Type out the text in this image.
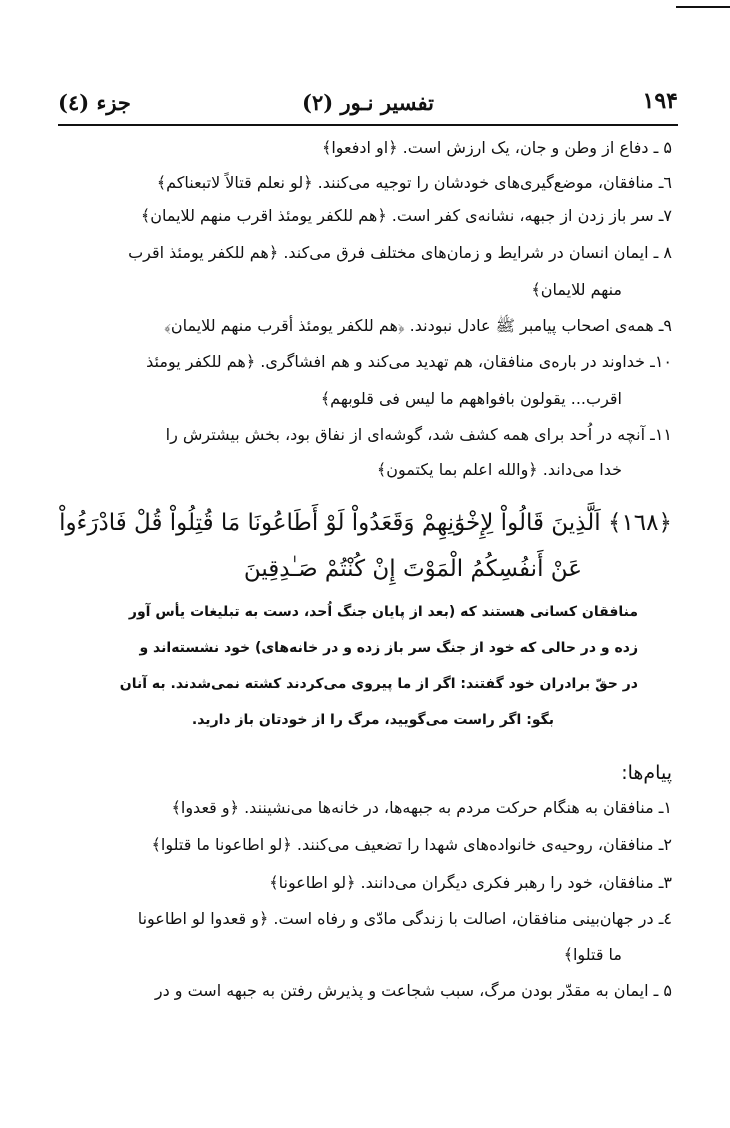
۱۹۴
تفسیر نـور (۲)
جزء (٤)
۵ ـ دفاع از وطن و جان، یک ارزش است. ﴿او ادفعوا﴾
٦ـ منافقان، موضع‌گیری‌های خودشان را توجیه می‌کنند. ﴿لو نعلم قتالاً لاتبعناکم﴾
٧ـ سر باز زدن از جبهه، نشانه‌ی کفر است. ﴿هم للکفر یومئذ اقرب منهم للایمان﴾
٨ ـ ایمان انسان در شرایط و زمان‌های مختلف فرق می‌کند. ﴿هم للکفر یومئذ اقرب
منهم للایمان﴾
٩ـ همه‌ی اصحاب پیامبر ﷺ عادل نبودند. ﴿هم للکفر یومئذ أقرب منهم للایمان﴾
١٠ـ خداوند در باره‌ی منافقان، هم تهدید می‌کند و هم افشاگری. ﴿هم للکفر یومئذ
اقرب... یقولون بافواههم ما لیس فی قلوبهم﴾
١١ـ آنچه در اُحد برای همه کشف شد، گوشه‌ای از نفاق بود، بخش بیشترش را
خدا می‌داند. ﴿والله اعلم بما یکتمون﴾
﴿١٦٨﴾ اَلَّذِینَ قَالُواْ لِإِخْوَٰنِهِمْ وَقَعَدُواْ لَوْ أَطَاعُونَا مَا قُتِلُواْ قُلْ فَادْرَءُواْ
عَنْ أَنفُسِكُمُ الْمَوْتَ إِنْ كُنْتُمْ صَـٰدِقِینَ
منافقان کسانی هستند که (بعد از پایان جنگ اُحد، دست به تبلیغات یأس آور
زده و در حالی که خود از جنگ سر باز زده و در خانه‌های) خود نشسته‌اند و
در حقّ برادران خود گفتند: اگر از ما پیروی می‌کردند کشته نمی‌شدند. به آنان
بگو: اگر راست می‌گویید، مرگ را از خودتان باز دارید.
پیام‌ها:
١ـ منافقان به هنگام حرکت مردم به جبهه‌ها، در خانه‌ها می‌نشینند. ﴿و قعدوا﴾
٢ـ منافقان، روحیه‌ی خانواده‌های شهدا را تضعیف می‌کنند. ﴿لو اطاعونا ما قتلوا﴾
٣ـ منافقان، خود را رهبر فکری دیگران می‌دانند. ﴿لو اطاعونا﴾
٤ـ در جهان‌بینی منافقان، اصالت با زندگی مادّی و رفاه است. ﴿و قعدوا لو اطاعونا
ما قتلوا﴾
۵ ـ ایمان به مقدّر بودن مرگ، سبب شجاعت و پذیرش رفتن به جبهه است و در
